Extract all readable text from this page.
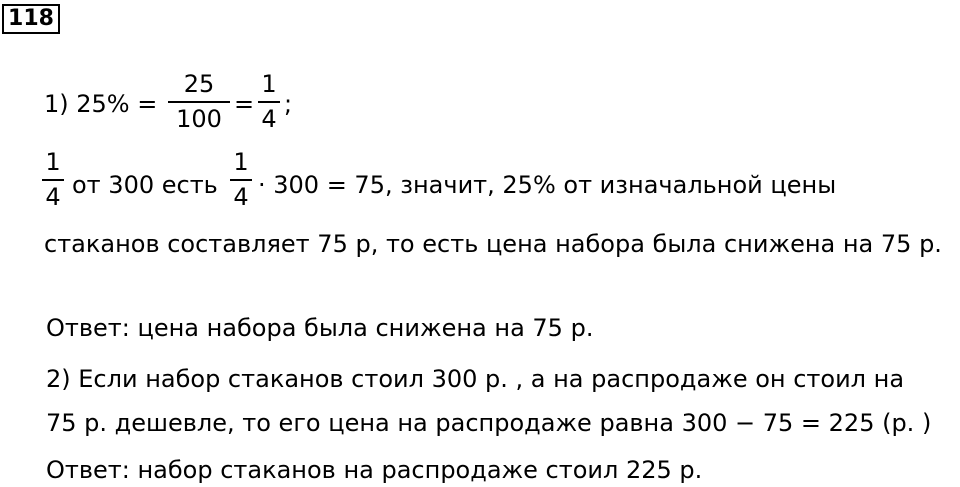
118
1) 25% =
25
100
=
1
4
;
1
4 от 300 есть
1
4 · 300 = 75, значит, 25% от изначальной цены
стаканов составляет 75 р, то есть цена набора была снижена на 75 р.
Ответ: цена набора была снижена на 75 р.
2) Если набор стаканов стоил 300 р. , а на распродаже он стоил на
75 р. дешевле, то его цена на распродаже равна 300 − 75 = 225 (р. )
Ответ: набор стаканов на распродаже стоил 225 р.
